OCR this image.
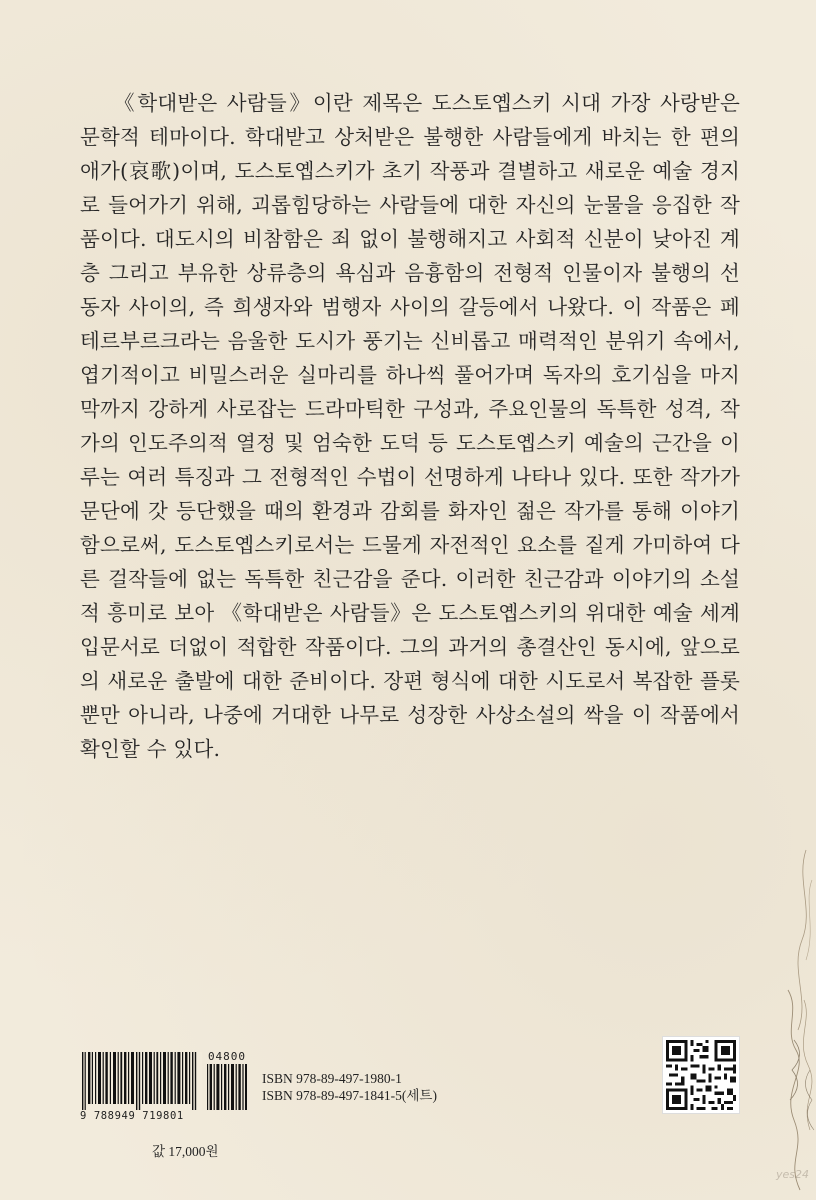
《학대받은 사람들》이란 제목은 도스토옙스키 시대 가장 사랑받은 문학적 테마이다. 학대받고 상처받은 불행한 사람들에게 바치는 한 편의 애가(哀歌)이며, 도스토옙스키가 초기 작풍과 결별하고 새로운 예술 경지로 들어가기 위해, 괴롭힘당하는 사람들에 대한 자신의 눈물을 응집한 작품이다. 대도시의 비참함은 죄 없이 불행해지고 사회적 신분이 낮아진 계층 그리고 부유한 상류층의 욕심과 음흉함의 전형적 인물이자 불행의 선동자 사이의, 즉 희생자와 범행자 사이의 갈등에서 나왔다. 이 작품은 페테르부르크라는 음울한 도시가 풍기는 신비롭고 매력적인 분위기 속에서, 엽기적이고 비밀스러운 실마리를 하나씩 풀어가며 독자의 호기심을 마지막까지 강하게 사로잡는 드라마틱한 구성과, 주요인물의 독특한 성격, 작가의 인도주의적 열정 및 엄숙한 도덕 등 도스토옙스키 예술의 근간을 이루는 여러 특징과 그 전형적인 수법이 선명하게 나타나 있다. 또한 작가가 문단에 갓 등단했을 때의 환경과 감회를 화자인 젊은 작가를 통해 이야기함으로써, 도스토옙스키로서는 드물게 자전적인 요소를 짙게 가미하여 다른 걸작들에 없는 독특한 친근감을 준다. 이러한 친근감과 이야기의 소설적 흥미로 보아 《학대받은 사람들》은 도스토옙스키의 위대한 예술 세계 입문서로 더없이 적합한 작품이다. 그의 과거의 총결산인 동시에, 앞으로의 새로운 출발에 대한 준비이다. 장편 형식에 대한 시도로서 복잡한 플롯뿐만 아니라, 나중에 거대한 나무로 성장한 사상소설의 싹을 이 작품에서 확인할 수 있다.

04800
9 788949 719801
ISBN 978-89-497-1980-1
ISBN 978-89-497-1841-5(세트)
값 17,000원
yes24
